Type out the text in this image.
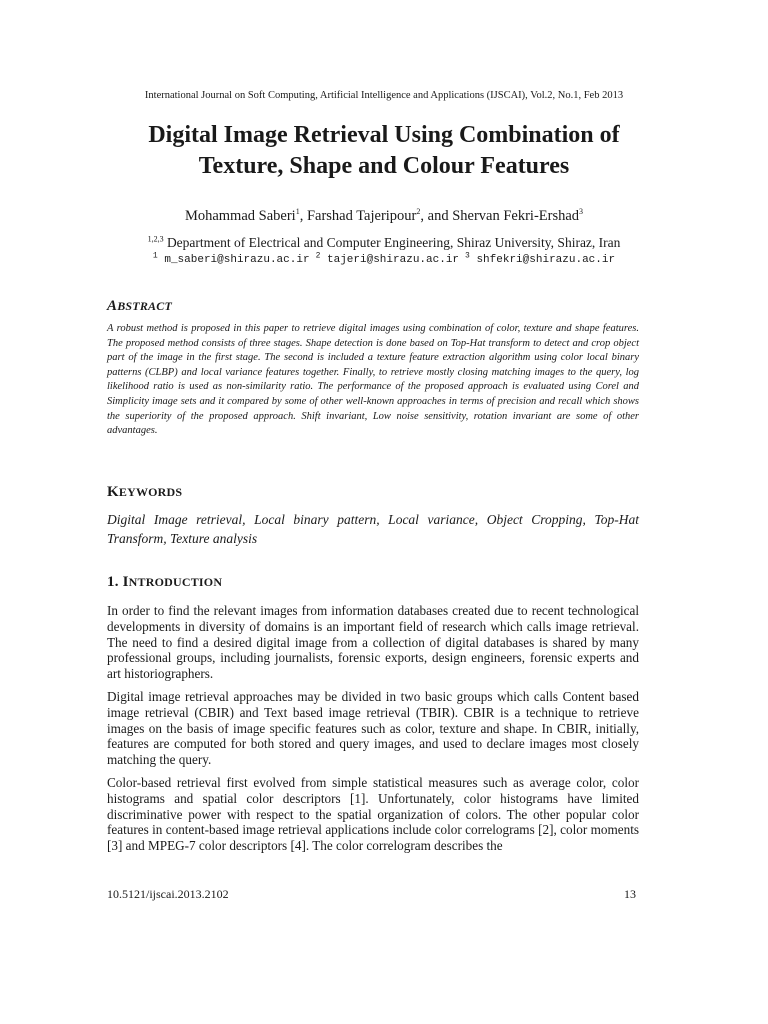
International Journal on Soft Computing, Artificial Intelligence and Applications (IJSCAI), Vol.2, No.1, Feb 2013
Digital Image Retrieval Using Combination of
Texture, Shape and Colour Features
Mohammad Saberi$^1$, Farshad Tajeripour$^2$, and Shervan Fekri-Ershad$^3$
$^{1,2,3}$ Department of Electrical and Computer Engineering, Shiraz University, Shiraz, Iran
$^1$ m_saberi@shirazu.ac.ir $^2$ tajeri@shirazu.ac.ir $^3$ shfekri@shirazu.ac.ir
ABSTRACT

A robust method is proposed in this paper to retrieve digital images using combination of color, texture and shape features. The proposed method consists of three stages. Shape detection is done based on Top-Hat transform to detect and crop object part of the image in the first stage. The second is included a texture feature extraction algorithm using color local binary patterns (CLBP) and local variance features together. Finally, to retrieve mostly closing matching images to the query, log likelihood ratio is used as non-similarity ratio. The performance of the proposed approach is evaluated using Corel and Simplicity image sets and it compared by some of other well-known approaches in terms of precision and recall which shows the superiority of the proposed approach. Shift invariant, Low noise sensitivity, rotation invariant are some of other advantages.

KEYWORDS

Digital Image retrieval, Local binary pattern, Local variance, Object Cropping, Top-Hat Transform, Texture analysis

1. INTRODUCTION

In order to find the relevant images from information databases created due to recent technological developments in diversity of domains is an important field of research which calls image retrieval. The need to find a desired digital image from a collection of digital databases is shared by many professional groups, including journalists, forensic exports, design engineers, forensic experts and art historiographers.

Digital image retrieval approaches may be divided in two basic groups which calls Content based image retrieval (CBIR) and Text based image retrieval (TBIR). CBIR is a technique to retrieve images on the basis of image specific features such as color, texture and shape. In CBIR, initially, features are computed for both stored and query images, and used to declare images most closely matching the query.

Color-based retrieval first evolved from simple statistical measures such as average color, color histograms and spatial color descriptors [1]. Unfortunately, color histograms have limited discriminative power with respect to the spatial organization of colors. The other popular color features in content-based image retrieval applications include color correlograms [2], color moments [3] and MPEG-7 color descriptors [4]. The color correlogram describes the

10.5121/ijscai.2013.2102	13
